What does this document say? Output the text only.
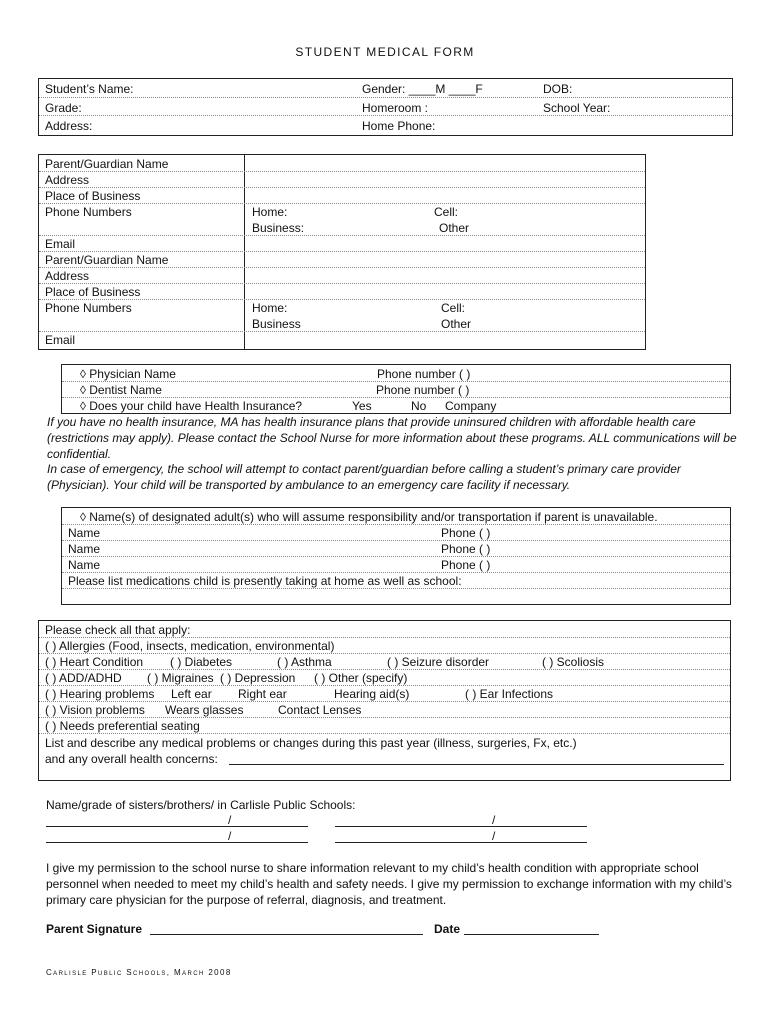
STUDENT MEDICAL FORM
Student’s Name:	Gender: ____M ____F	DOB:
Grade:	Homeroom :	School Year:
Address:	Home Phone:
Parent/Guardian Name
Address
Place of Business
Phone Numbers	Home:	Cell:
Business:	Other
Email
Parent/Guardian Name
Address
Place of Business
Phone Numbers	Home:	Cell:
Business	Other
Email
◊ Physician Name	Phone number ( )
◊ Dentist Name	Phone number ( )
◊ Does your child have Health Insurance?	Yes	No Company
If you have no health insurance, MA has health insurance plans that provide uninsured children with affordable health care (restrictions may apply). Please contact the School Nurse for more information about these programs. ALL communications will be confidential.
In case of emergency, the school will attempt to contact parent/guardian before calling a student’s primary care provider (Physician). Your child will be transported by ambulance to an emergency care facility if necessary.
◊ Name(s) of designated adult(s) who will assume responsibility and/or transportation if parent is unavailable.
Name	Phone ( )
Name	Phone ( )
Name	Phone ( )
Please list medications child is presently taking at home as well as school:
Please check all that apply:
( ) Allergies (Food, insects, medication, environmental)
( ) Heart Condition ( ) Diabetes	( ) Asthma	( ) Seizure disorder	( ) Scoliosis
( ) ADD/ADHD ( ) Migraines ( ) Depression ( ) Other (specify)
( ) Hearing problems Left ear Right ear	Hearing aid(s)	( ) Ear Infections
( ) Vision problems Wears glasses	Contact Lenses
( ) Needs preferential seating
List and describe any medical problems or changes during this past year (illness, surgeries, Fx, etc.)
and any overall health concerns:
Name/grade of sisters/brothers/ in Carlisle Public Schools:
/	/
/	/
I give my permission to the school nurse to share information relevant to my child’s health condition with appropriate school personnel when needed to meet my child’s health and safety needs. I give my permission to exchange information with my child’s primary care physician for the purpose of referral, diagnosis, and treatment.
Parent Signature	Date
Carlisle Public Schools, March 2008
